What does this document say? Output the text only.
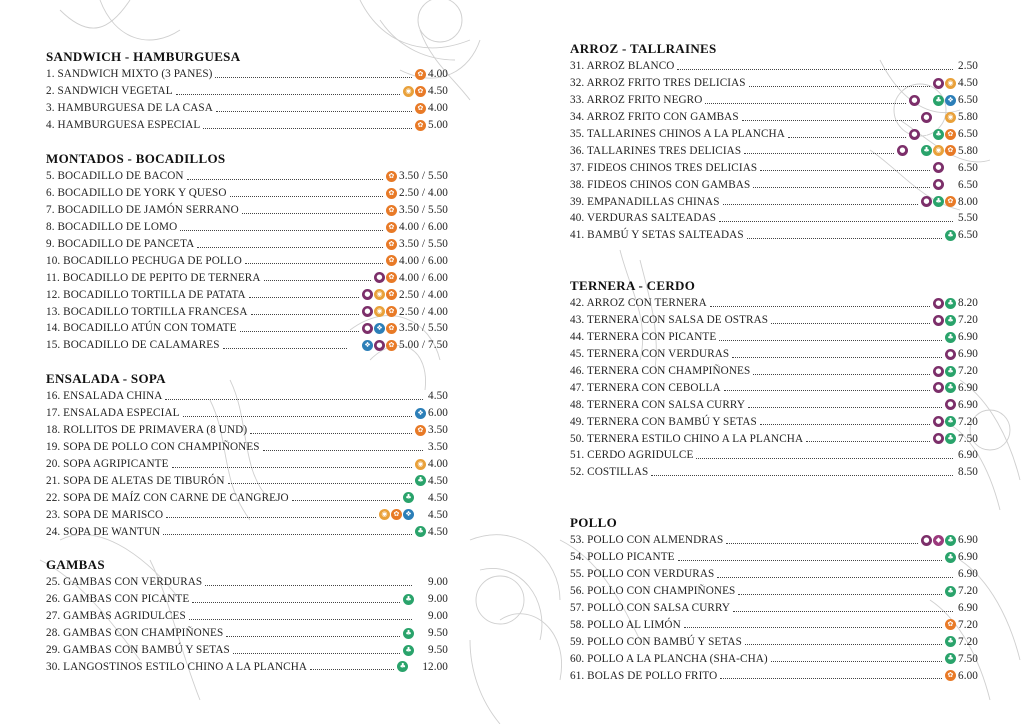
SANDWICH - HAMBURGUESA
1. SANDWICH MIXTO (3 PANES)	✿ 4.00
2. SANDWICH VEGETAL	◉ ✿ 4.50
3. HAMBURGUESA DE LA CASA	✿ 4.00
4. HAMBURGUESA ESPECIAL	✿ 5.00
MONTADOS - BOCADILLOS
5. BOCADILLO DE BACON	✿ 3.50 / 5.50
6. BOCADILLO DE YORK Y QUESO	✿ 2.50 / 4.00
7. BOCADILLO DE JAMÓN SERRANO	✿ 3.50 / 5.50
8. BOCADILLO DE LOMO	✿ 4.00 / 6.00
9. BOCADILLO DE PANCETA	✿ 3.50 / 5.50
10. BOCADILLO PECHUGA DE POLLO	✿ 4.00 / 6.00
11. BOCADILLO DE PEPITO DE TERNERA	● ✿ 4.00 / 6.00
12. BOCADILLO TORTILLA DE PATATA	● ◉ ✿ 2.50 / 4.00
13. BOCADILLO TORTILLA FRANCESA	● ◉ ✿ 2.50 / 4.00
14. BOCADILLO ATÚN CON TOMATE	● ❖ ✿ 3.50 / 5.50
15. BOCADILLO DE CALAMARES	✦ ❖ ● ✿ 5.00 / 7.50
ENSALADA - SOPA
16. ENSALADA CHINA	4.50
17. ENSALADA ESPECIAL	❖ 6.00
18. ROLLITOS DE PRIMAVERA (8 UND)	✿ 3.50
19. SOPA DE POLLO CON CHAMPIÑONES	3.50
20. SOPA AGRIPICANTE	◉ 4.00
21. SOPA DE ALETAS DE TIBURÓN	♣ 4.50
22. SOPA DE MAÍZ CON CARNE DE CANGREJO	♣ ✦ 4.50
23. SOPA DE MARISCO	◉ ✿ ❖ ✦ 4.50
24. SOPA DE WANTUN	♣ 4.50
GAMBAS
25. GAMBAS CON VERDURAS	✦ 9.00
26. GAMBAS CON PICANTE	♣ ✦ 9.00
27. GAMBAS AGRIDULCES	✦ 9.00
28. GAMBAS CON CHAMPIÑONES	♣ ✦ 9.50
29. GAMBAS CON BAMBÚ Y SETAS	♣ ✦ 9.50
30. LANGOSTINOS ESTILO CHINO A LA PLANCHA	♣ ✦ 12.00
ARROZ - TALLRAINES
31. ARROZ BLANCO	2.50
32. ARROZ FRITO TRES DELICIAS	● ◉ 4.50
33. ARROZ FRITO NEGRO	● ✦ ♣ ❖ 6.50
34. ARROZ FRITO CON GAMBAS	● ✦ ◉ 5.80
35. TALLARINES CHINOS A LA PLANCHA	● ✦ ♣ ✿ 6.50
36. TALLARINES TRES DELICIAS	● ✦ ♣ ◉ ✿ 5.80
37. FIDEOS CHINOS TRES DELICIAS	● ✦ 6.50
38. FIDEOS CHINOS CON GAMBAS	● ✦ 6.50
39. EMPANADILLAS CHINAS	● ♣ ✿ 8.00
40. VERDURAS SALTEADAS	5.50
41. BAMBÚ Y SETAS SALTEADAS	♣ 6.50
TERNERA - CERDO
42. ARROZ CON TERNERA	● ♣ 8.20
43. TERNERA CON SALSA DE OSTRAS	● ♣ 7.20
44. TERNERA CON PICANTE	♣ 6.90
45. TERNERA CON VERDURAS	● 6.90
46. TERNERA CON CHAMPIÑONES	● ♣ 7.20
47. TERNERA CON CEBOLLA	● ♣ 6.90
48. TERNERA CON SALSA CURRY	● 6.90
49. TERNERA CON BAMBÚ Y SETAS	● ♣ 7.20
50. TERNERA ESTILO CHINO A LA PLANCHA	● ♣ 7.50
51. CERDO AGRIDULCE	6.90
52. COSTILLAS	8.50
POLLO
53. POLLO CON ALMENDRAS	● ◆ ♣ 6.90
54. POLLO PICANTE	♣ 6.90
55. POLLO CON VERDURAS	6.90
56. POLLO CON CHAMPIÑONES	♣ 7.20
57. POLLO CON SALSA CURRY	6.90
58. POLLO AL LIMÓN	✿ 7.20
59. POLLO CON BAMBÚ Y SETAS	♣ 7.20
60. POLLO A LA PLANCHA (SHA-CHA)	♣ 7.50
61. BOLAS DE POLLO FRITO	✿ 6.00
